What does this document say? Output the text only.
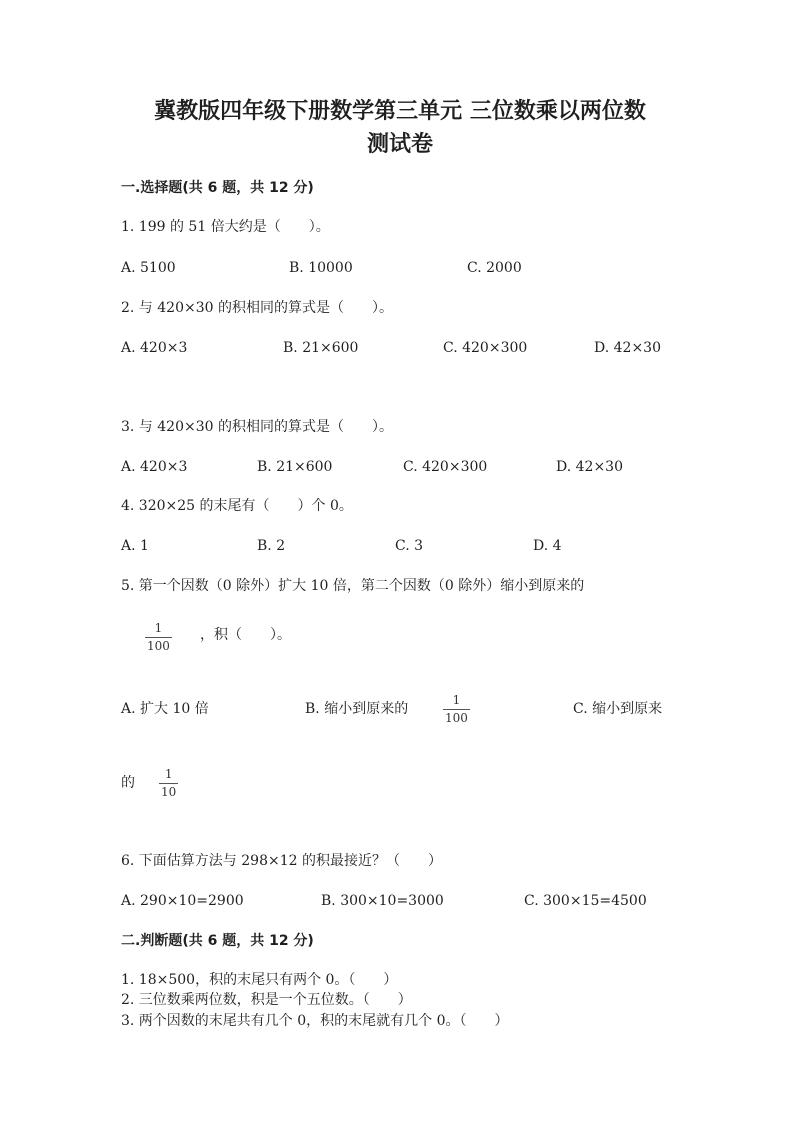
冀教版四年级下册数学第三单元 三位数乘以两位数
测试卷
一.选择题(共 6 题，共 12 分)
1. 199 的 51 倍大约是（　　）。
A. 5100	B. 10000	C. 2000
2. 与 420×30 的积相同的算式是（　　）。
A. 420×3	B. 21×600	C. 420×300	D. 42×30
3. 与 420×30 的积相同的算式是（　　）。
A. 420×3	B. 21×600	C. 420×300	D. 42×30
4. 320×25 的末尾有（　　）个 0。
A. 1	B. 2	C. 3	D. 4
5. 第一个因数（0 除外）扩大 10 倍，第二个因数（0 除外）缩小到原来的
1
100
，积（　　）。
A. 扩大 10 倍	B. 缩小到原来的
1
100
C. 缩小到原来
的
1
10
6. 下面估算方法与 298×12 的积最接近？（　　）
A. 290×10=2900	B. 300×10=3000	C. 300×15=4500
二.判断题(共 6 题，共 12 分)
1. 18×500，积的末尾只有两个 0。（　　）
2. 三位数乘两位数，积是一个五位数。（　　）
3. 两个因数的末尾共有几个 0，积的末尾就有几个 0。（　　）
